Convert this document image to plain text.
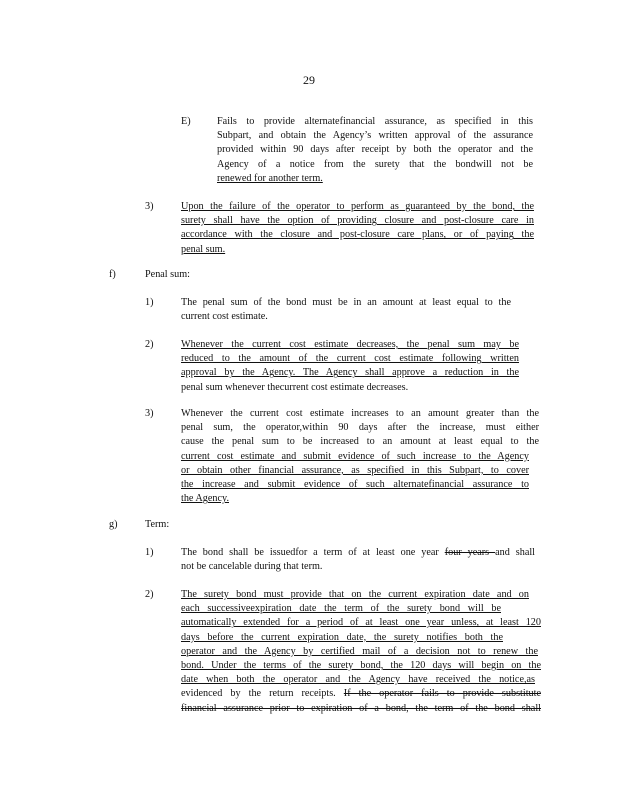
29
E)	Fails to provide alternatefinancial assurance, as specified in this
Subpart, and obtain the Agency’s written approval of the assurance
provided within 90 days after receipt by both the operator and the
Agency of a notice from the surety that the bondwill not be
renewed for another term.
3)	Upon the failure of the operator to perform as guaranteed by the bond, the
surety shall have the option of providing closure and post-closure care in
accordance with the closure and post-closure care plans, or of paying the
penal sum.
f)	Penal sum:
1)	The penal sum of the bond must be in an amount at least equal to the
current cost estimate.
2)	Whenever the current cost estimate decreases, the penal sum may be
reduced to the amount of the current cost estimate following written
approval by the Agency. The Agency shall approve a reduction in the
penal sum whenever thecurrent cost estimate decreases.
3)	Whenever the current cost estimate increases to an amount greater than the
penal sum, the operator,within 90 days after the increase, must either
cause the penal sum to be increased to an amount at least equal to the
current cost estimate and submit evidence of such increase to the Agency
or obtain other financial assurance, as specified in this Subpart, to cover
the increase and submit evidence of such alternatefinancial assurance to
the Agency.
g)	Term:
1)	The bond shall be issuedfor a term of at least one year four years and shall
not be cancelable during that term.
2)	The surety bond must provide that on the current expiration date and on
each successiveexpiration date the term of the surety bond will be
automatically extended for a period of at least one year unless, at least 120
days before the current expiration date, the surety notifies both the
operator and the Agency by certified mail of a decision not to renew the
bond. Under the terms of the surety bond, the 120 days will begin on the
date when both the operator and the Agency have received the notice,as
evidenced by the return receipts. If the operator fails to provide substitute
financial assurance prior to expiration of a bond, the term of the bond shall
